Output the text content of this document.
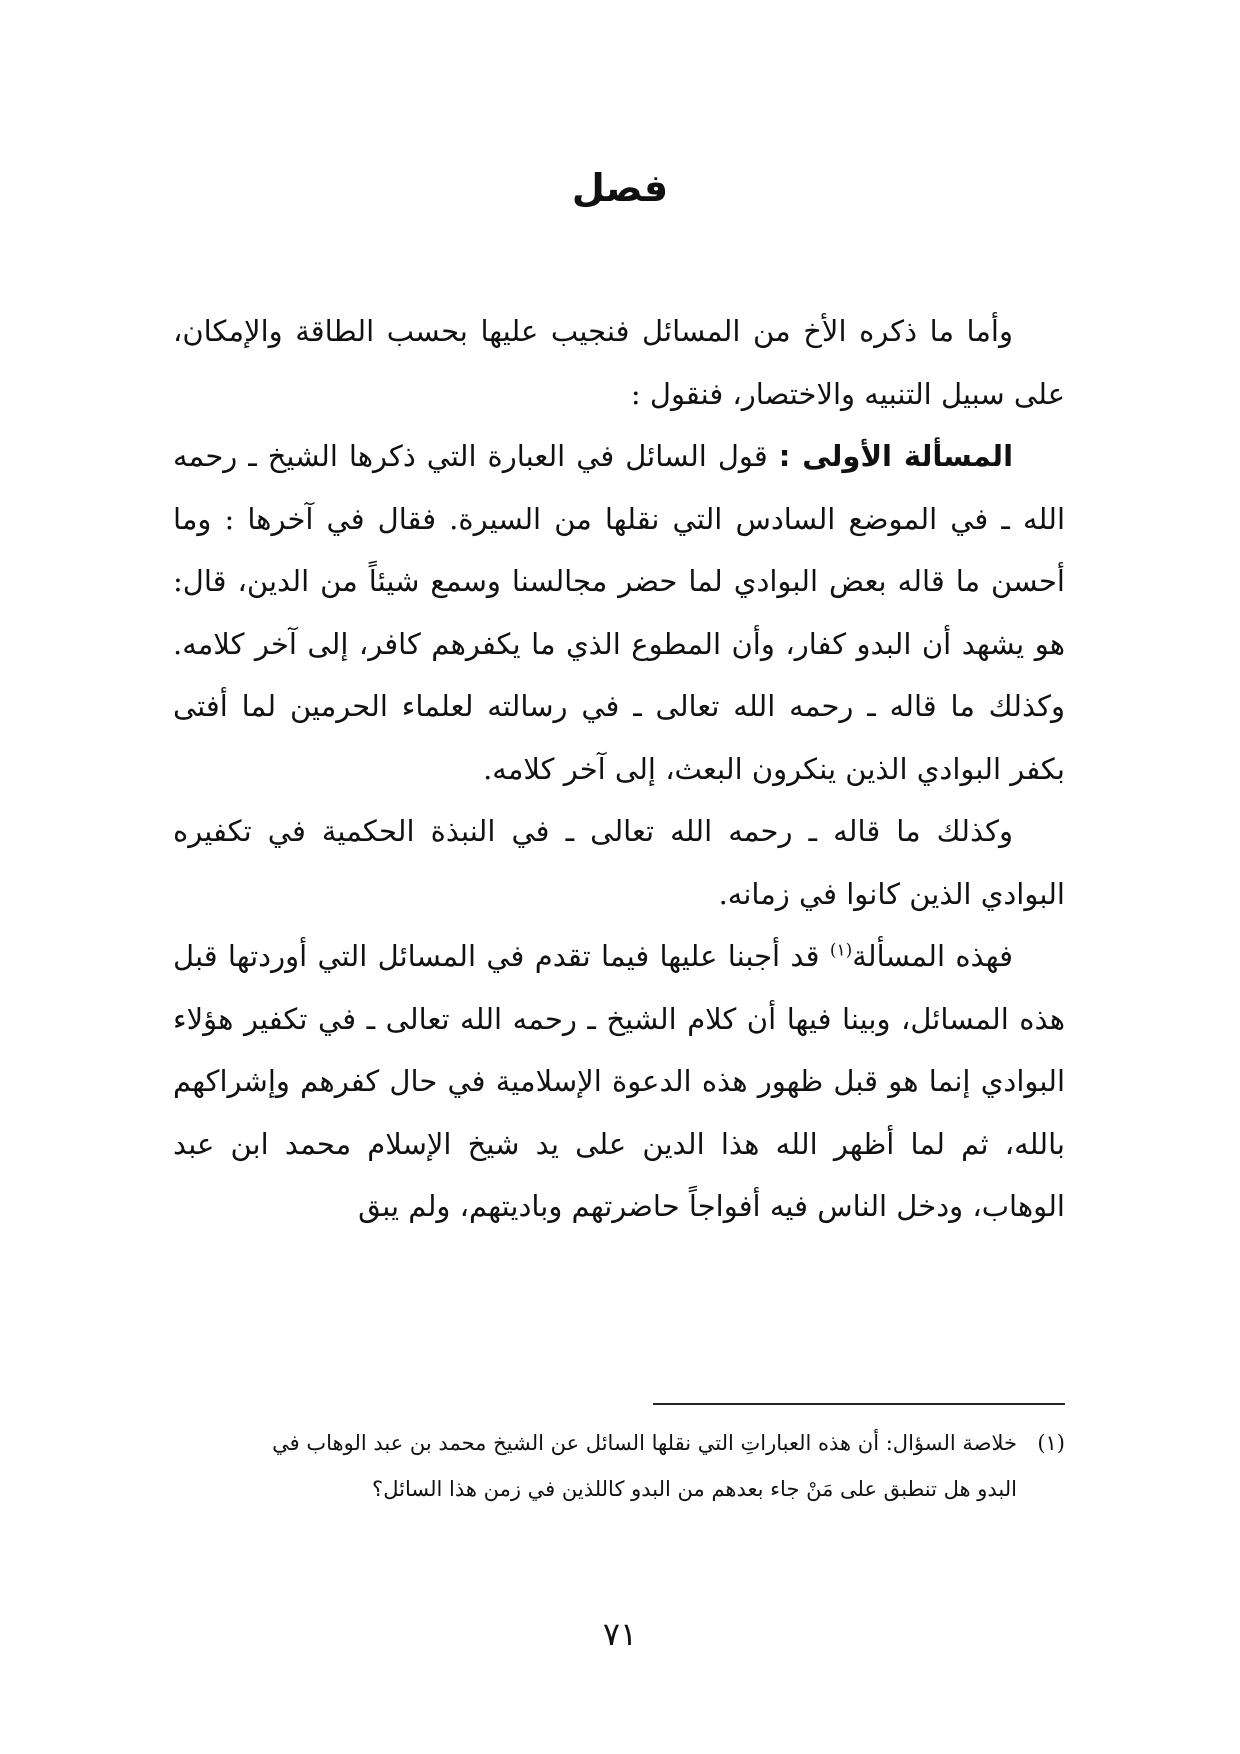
فصل

وأما ما ذكره الأخ من المسائل فنجيب عليها بحسب الطاقة والإمكان، على سبيل التنبيه والاختصار، فنقول :

المسألة الأولى : قول السائل في العبارة التي ذكرها الشيخ ـ رحمه الله ـ في الموضع السادس التي نقلها من السيرة. فقال في آخرها : وما أحسن ما قاله بعض البوادي لما حضر مجالسنا وسمع شيئاً من الدين، قال: هو يشهد أن البدو كفار، وأن المطوع الذي ما يكفرهم كافر، إلى آخر كلامه. وكذلك ما قاله ـ رحمه الله تعالى ـ في رسالته لعلماء الحرمين لما أفتى بكفر البوادي الذين ينكرون البعث، إلى آخر كلامه.

وكذلك ما قاله ـ رحمه الله تعالى ـ في النبذة الحكمية في تكفيره البوادي الذين كانوا في زمانه.

فهذه المسألة$^{(١)}$ قد أجبنا عليها فيما تقدم في المسائل التي أوردتها قبل هذه المسائل، وبينا فيها أن كلام الشيخ ـ رحمه الله تعالى ـ في تكفير هؤلاء البوادي إنما هو قبل ظهور هذه الدعوة الإسلامية في حال كفرهم وإشراكهم بالله، ثم لما أظهر الله هذا الدين على يد شيخ الإسلام محمد ابن عبد الوهاب، ودخل الناس فيه أفواجاً حاضرتهم وباديتهم، ولم يبق

(١)خلاصة السؤال: أن هذه العباراتِ التي نقلها السائل عن الشيخ محمد بن عبد الوهاب في
البدو هل تنطبق على مَنْ جاء بعدهم من البدو كاللذين في زمن هذا السائل؟
٧١
